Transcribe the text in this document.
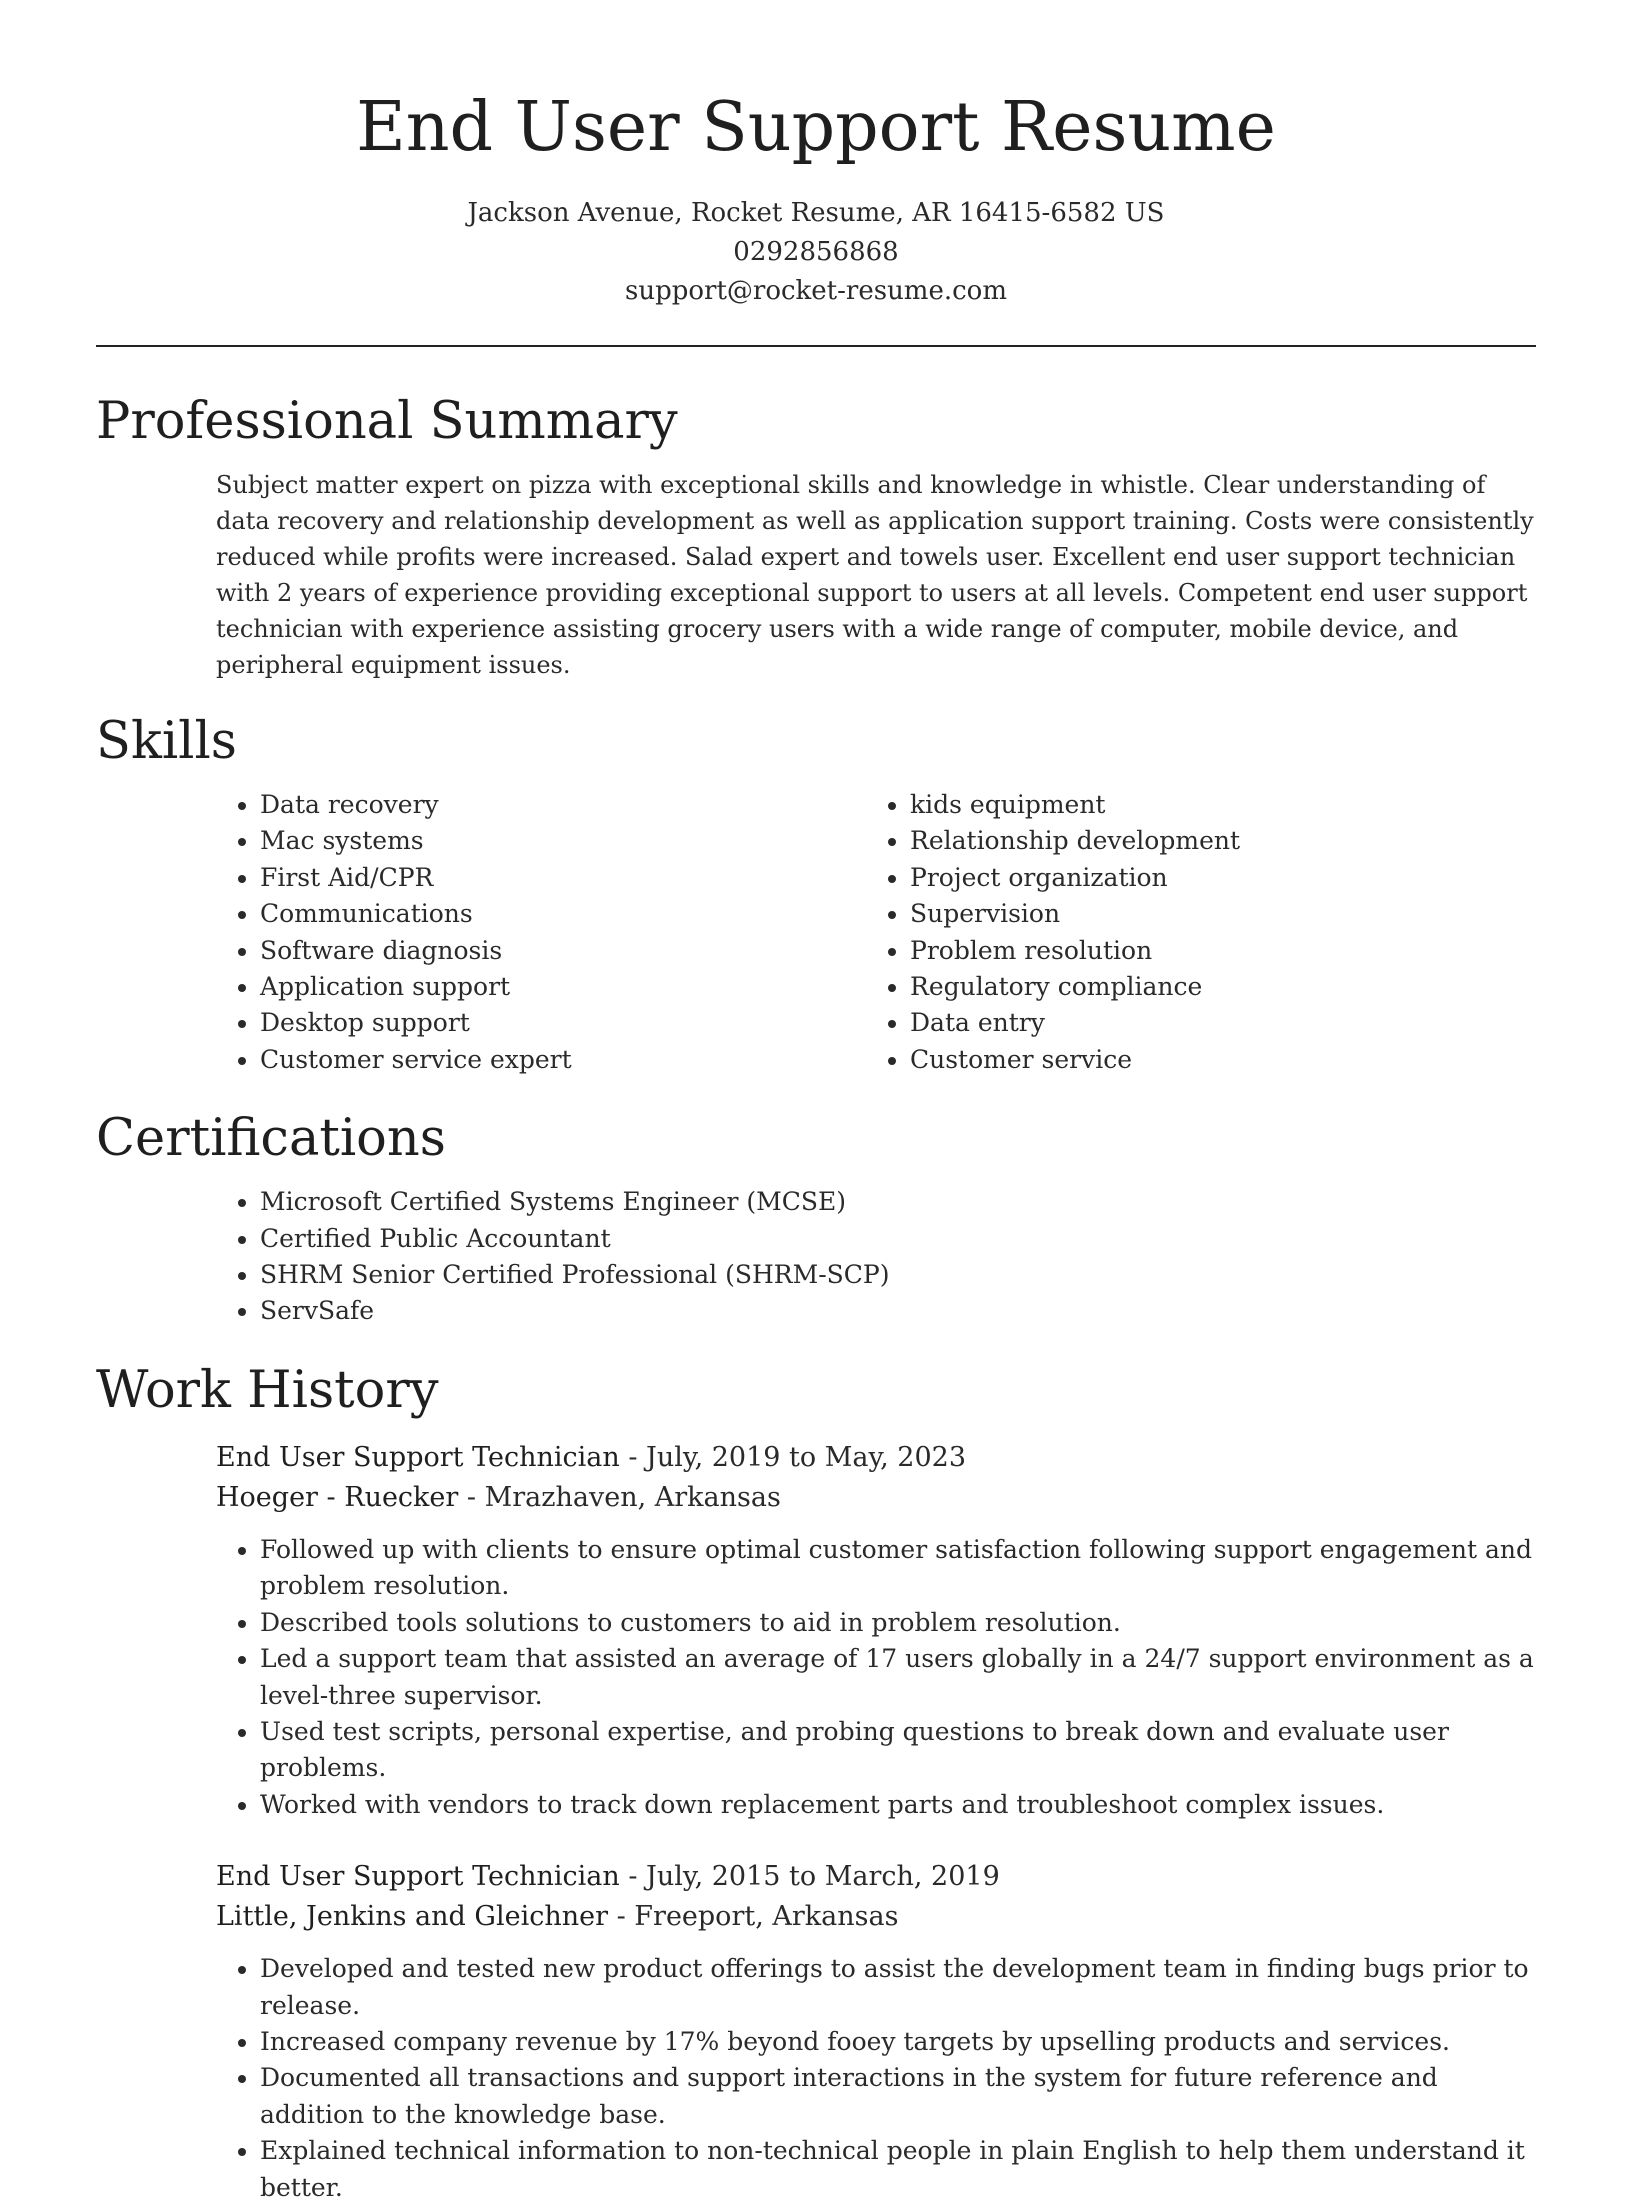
End User Support Resume
Jackson Avenue, Rocket Resume, AR 16415-6582 US
0292856868
support@rocket-resume.com
Professional Summary

Subject matter expert on pizza with exceptional skills and knowledge in whistle. Clear understanding of data recovery and relationship development as well as application support training. Costs were consistently reduced while profits were increased. Salad expert and towels user. Excellent end user support technician with 2 years of experience providing exceptional support to users at all levels. Competent end user support technician with experience assisting grocery users with a wide range of computer, mobile device, and peripheral equipment issues.

Skills
• Data recovery
• Mac systems
• First Aid/CPR
• Communications
• Software diagnosis
• Application support
• Desktop support
• Customer service expert
• kids equipment
• Relationship development
• Project organization
• Supervision
• Problem resolution
• Regulatory compliance
• Data entry
• Customer service
Certifications
• Microsoft Certified Systems Engineer (MCSE)
• Certified Public Accountant
• SHRM Senior Certified Professional (SHRM-SCP)
• ServSafe
Work History
End User Support Technician - July, 2019 to May, 2023
Hoeger - Ruecker - Mrazhaven, Arkansas
• Followed up with clients to ensure optimal customer satisfaction following support engagement and problem resolution.
• Described tools solutions to customers to aid in problem resolution.
• Led a support team that assisted an average of 17 users globally in a 24/7 support environment as a level-three supervisor.
• Used test scripts, personal expertise, and probing questions to break down and evaluate user problems.
• Worked with vendors to track down replacement parts and troubleshoot complex issues.
End User Support Technician - July, 2015 to March, 2019
Little, Jenkins and Gleichner - Freeport, Arkansas
• Developed and tested new product offerings to assist the development team in finding bugs prior to release.
• Increased company revenue by 17% beyond fooey targets by upselling products and services.
• Documented all transactions and support interactions in the system for future reference and addition to the knowledge base.
• Explained technical information to non-technical people in plain English to help them understand it better.
